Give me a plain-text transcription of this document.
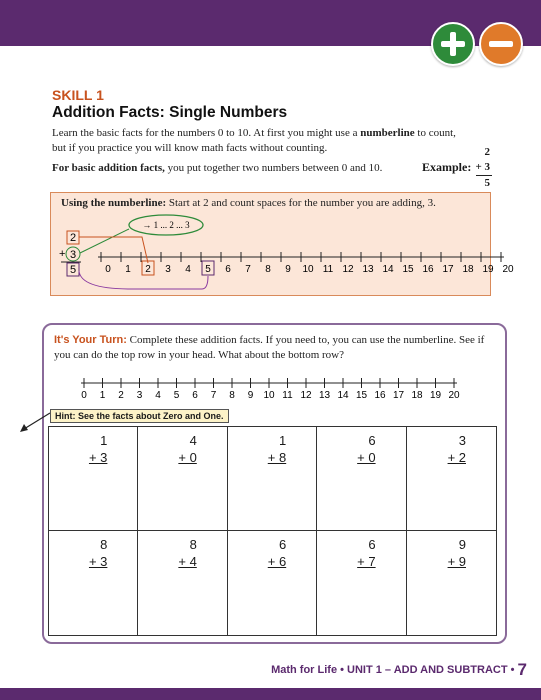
SKILL 1
Addition Facts: Single Numbers
Learn the basic facts for the numbers 0 to 10. At first you might use a numberline to count, but if you practice you will know math facts without counting.
For basic addition facts, you put together two numbers between 0 and 10.	Example:
2
+ 3
5
Using the numberline: Start at 2 and count spaces for the number you are adding, 3.
→ 1 ... 2 ... 3
2
+ 3
5	0 1 2 3 4 5 6 7 8 9 10 11 12 13 14 15 16 17 18 19 20
It's Your Turn: Complete these addition facts. If you need to, you can use the numberline. See if you can do the top row in your head. What about the bottom row?
0 1 2 3 4 5 6 7 8 9 10 11 12 13 14 15 16 17 18 19 20
Hint: See the facts about Zero and One.
1
+ 3
4
+ 0
1
+ 8
6
+ 0
3
+ 2
8
+ 3
8
+ 4
6
+ 6
6
+ 7
9
+ 9
Math for Life • UNIT 1 – ADD AND SUBTRACT • 7
